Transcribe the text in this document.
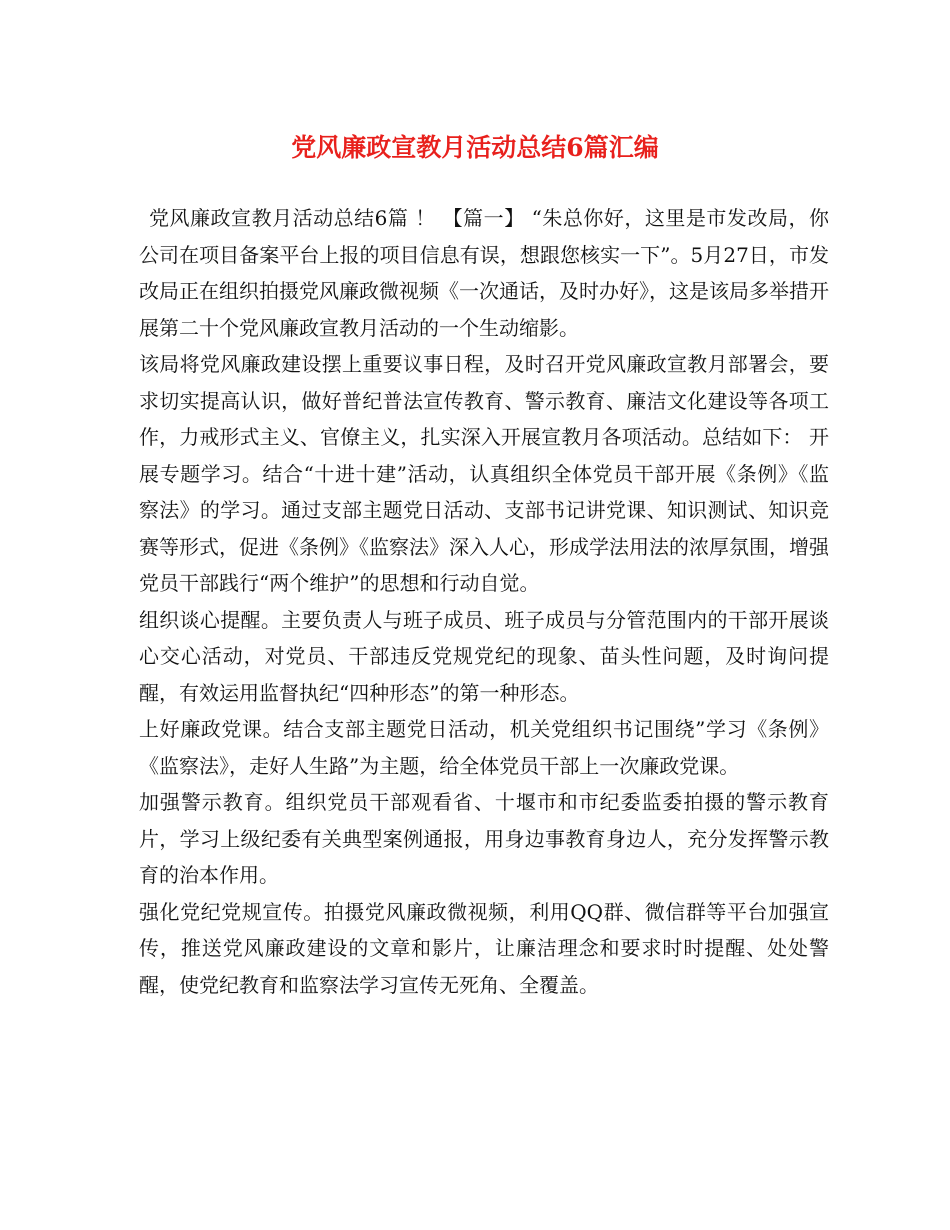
党风廉政宣教月活动总结6篇汇编

党风廉政宣教月活动总结6篇 ！ 【篇一】 “朱总你好，这里是市发改局，你公司在项目备案平台上报的项目信息有误，想跟您核实一下”。5月27日，市发改局正在组织拍摄党风廉政微视频《一次通话，及时办好》，这是该局多举措开展第二十个党风廉政宣教月活动的一个生动缩影。

该局将党风廉政建设摆上重要议事日程，及时召开党风廉政宣教月部署会，要求切实提高认识，做好普纪普法宣传教育、警示教育、廉洁文化建设等各项工作，力戒形式主义、官僚主义，扎实深入开展宣教月各项活动。总结如下： 开展专题学习。结合“十进十建”活动，认真组织全体党员干部开展《条例》《监察法》的学习。通过支部主题党日活动、支部书记讲党课、知识测试、知识竞赛等形式，促进《条例》《监察法》深入人心，形成学法用法的浓厚氛围，增强党员干部践行“两个维护”的思想和行动自觉。

组织谈心提醒。主要负责人与班子成员、班子成员与分管范围内的干部开展谈心交心活动，对党员、干部违反党规党纪的现象、苗头性问题，及时询问提醒，有效运用监督执纪“四种形态”的第一种形态。

上好廉政党课。结合支部主题党日活动，机关党组织书记围绕”学习《条例》《监察法》，走好人生路”为主题，给全体党员干部上一次廉政党课。

加强警示教育。组织党员干部观看省、十堰市和市纪委监委拍摄的警示教育片，学习上级纪委有关典型案例通报，用身边事教育身边人，充分发挥警示教育的治本作用。

强化党纪党规宣传。拍摄党风廉政微视频，利用QQ群、微信群等平台加强宣传，推送党风廉政建设的文章和影片，让廉洁理念和要求时时提醒、处处警醒，使党纪教育和监察法学习宣传无死角、全覆盖。
